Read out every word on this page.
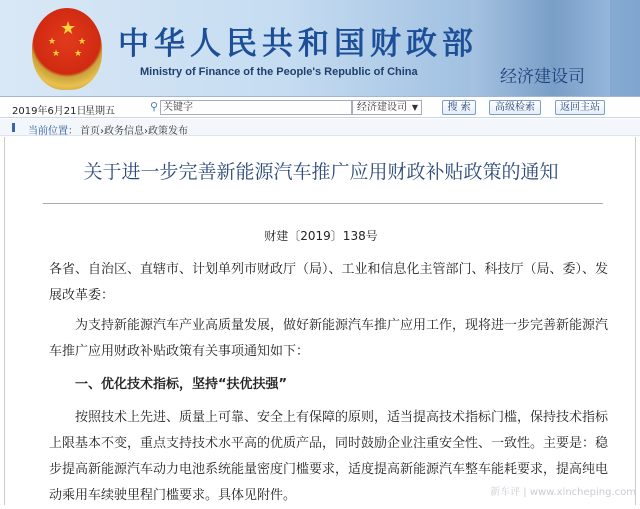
★
★ ★
★ ★ 中华人民共和国财政部
Ministry of Finance of the People's Republic of China	经济建设司
2019年6月21日
星期五	⚲ 关键字	经济建设司 ▼	搜 索	高级检索	返回主站
当前位置： 首页›政务信息›政策发布
关于进一步完善新能源汽车推广应用财政补贴政策的通知
财建〔2019〕138号
各省、自治区、直辖市、计划单列市财政厅（局）、工业和信息化主管部门、科技厅（局、委）、发展改革委：
为支持新能源汽车产业高质量发展，做好新能源汽车推广应用工作，现将进一步完善新能源汽车推广应用财政补贴政策有关事项通知如下：
一、优化技术指标，坚持“扶优扶强”
按照技术上先进、质量上可靠、安全上有保障的原则，适当提高技术指标门槛，保持技术指标上限基本不变，重点支持技术水平高的优质产品，同时鼓励企业注重安全性、一致性。主要是：稳步提高新能源汽车动力电池系统能量密度门槛要求，适度提高新能源汽车整车能耗要求，提高纯电动乘用车续驶里程门槛要求。具体见附件。	新车评 | www.xincheping.com
